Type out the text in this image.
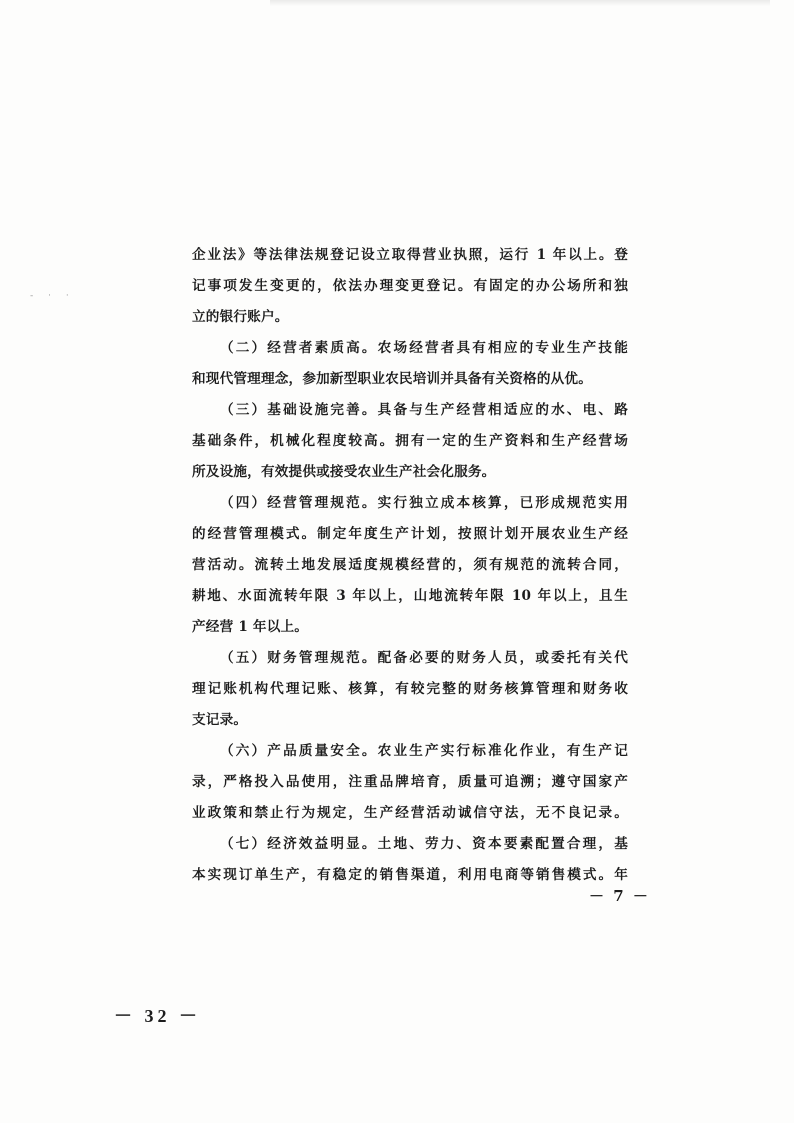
- · ·
企业法》等法律法规登记设立取得营业执照，运行 1 年以上。登
记事项发生变更的，依法办理变更登记。有固定的办公场所和独
立的银行账户。
（二）经营者素质高。农场经营者具有相应的专业生产技能
和现代管理理念，参加新型职业农民培训并具备有关资格的从优。
（三）基础设施完善。具备与生产经营相适应的水、电、路
基础条件，机械化程度较高。拥有一定的生产资料和生产经营场
所及设施，有效提供或接受农业生产社会化服务。
（四）经营管理规范。实行独立成本核算，已形成规范实用
的经营管理模式。制定年度生产计划，按照计划开展农业生产经
营活动。流转土地发展适度规模经营的，须有规范的流转合同，
耕地、水面流转年限 3 年以上，山地流转年限 10 年以上，且生
产经营 1 年以上。
（五）财务管理规范。配备必要的财务人员，或委托有关代
理记账机构代理记账、核算，有较完整的财务核算管理和财务收
支记录。
（六）产品质量安全。农业生产实行标准化作业，有生产记
录，严格投入品使用，注重品牌培育，质量可追溯；遵守国家产
业政策和禁止行为规定，生产经营活动诚信守法，无不良记录。
（七）经济效益明显。土地、劳力、资本要素配置合理，基
本实现订单生产，有稳定的销售渠道，利用电商等销售模式。年
－ 7 －
－ 32 －
